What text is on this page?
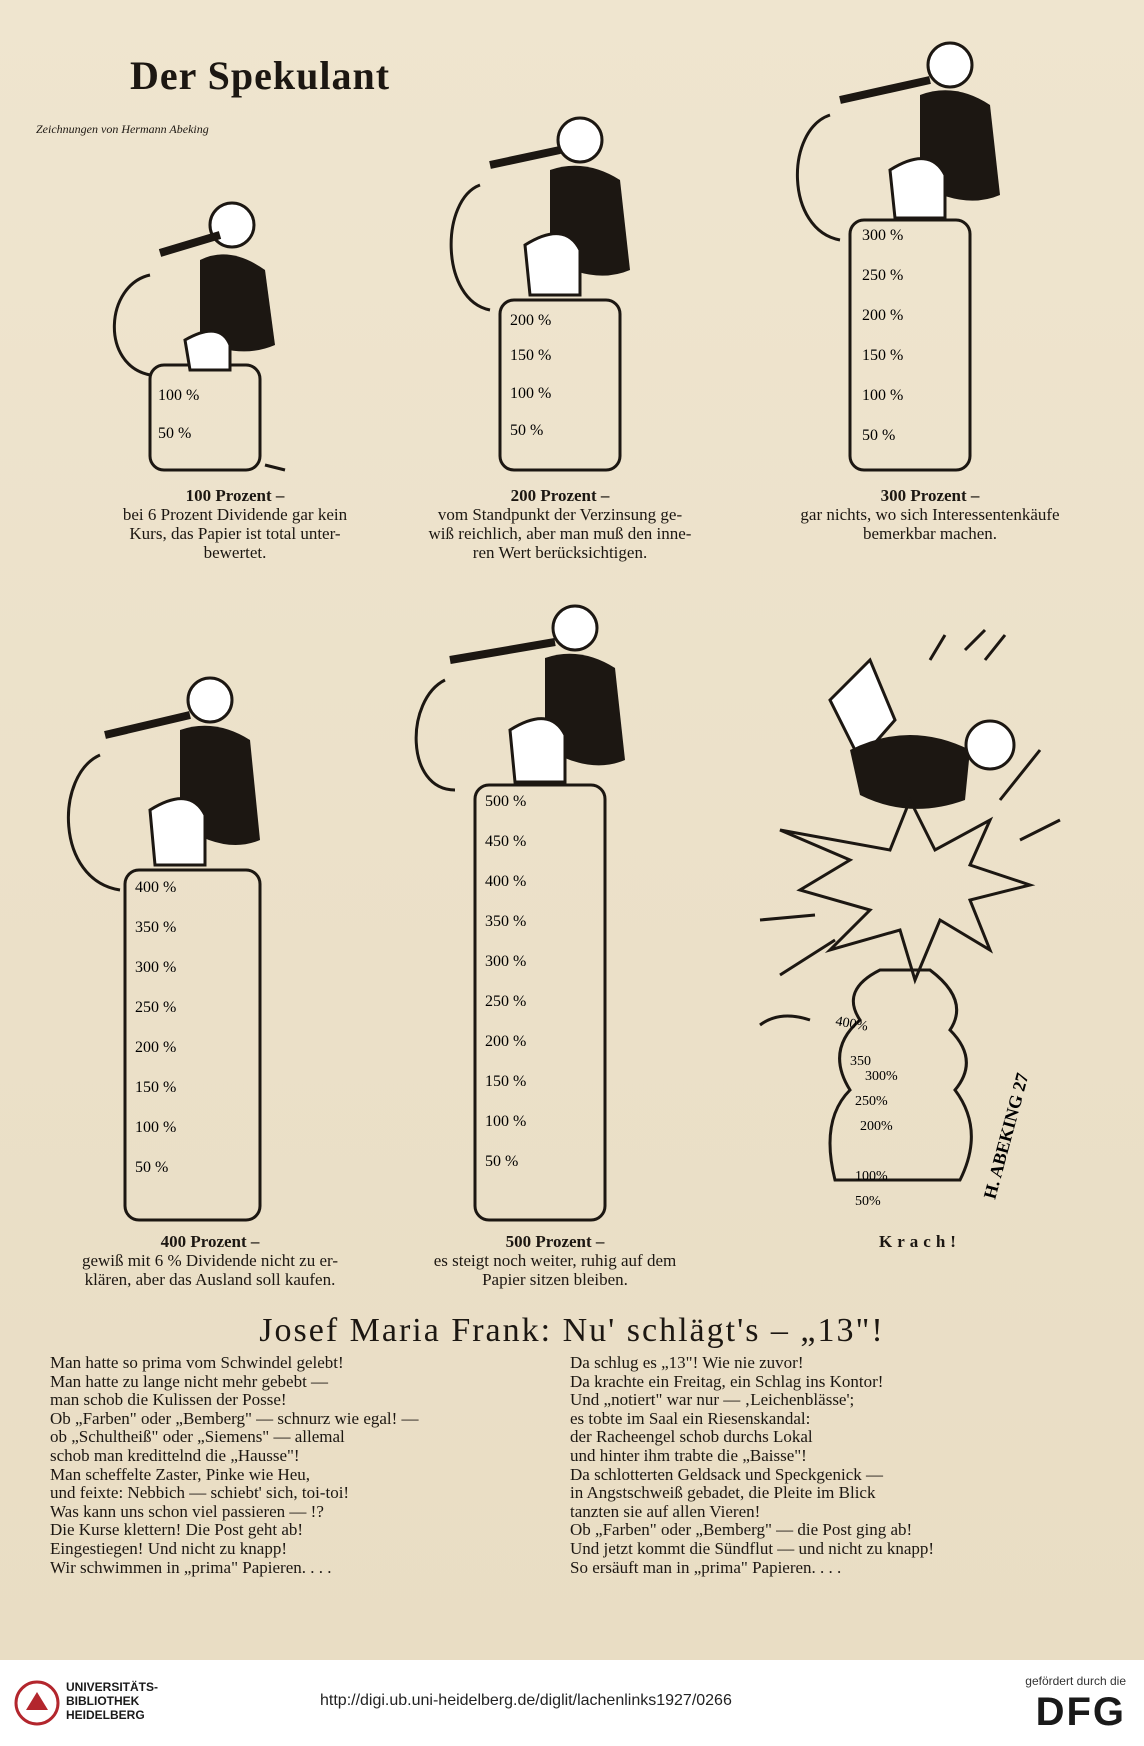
Der Spekulant
Zeichnungen von Hermann Abeking
100 %
50 %
200 %
150 %
100 %
50 %
300 %
250 %
200 %
150 %
100 %
50 %
400 %
350 %
300 %
250 %
200 %
150 %
100 %
50 %
500 %
450 %
400 %
350 %
300 %
250 %
200 %
150 %
100 %
50 %
400%
350
300%
250%
200%
100%
50%
H. ABEKING 27
100 Prozent –
bei 6 Prozent Dividende gar kein
Kurs, das Papier ist total unter-
bewertet.
200 Prozent –
vom Standpunkt der Verzinsung ge-
wiß reichlich, aber man muß den inne-
ren Wert berücksichtigen.
300 Prozent –
gar nichts, wo sich Interessentenkäufe
bemerkbar machen.
400 Prozent –
gewiß mit 6 % Dividende nicht zu er-
klären, aber das Ausland soll kaufen.
500 Prozent –
es steigt noch weiter, ruhig auf dem
Papier sitzen bleiben.
Krach!
Josef Maria Frank: Nu' schlägt's – „13"!
Man hatte so prima vom Schwindel gelebt!
Man hatte zu lange nicht mehr gebebt —
man schob die Kulissen der Posse!
Ob „Farben" oder „Bemberg" — schnurz wie egal! —
ob „Schultheiß" oder „Siemens" — allemal
schob man kredittelnd die „Hausse"!
Man scheffelte Zaster, Pinke wie Heu,
und feixte: Nebbich — schiebt' sich, toi-toi!
Was kann uns schon viel passieren — !?
Die Kurse klettern! Die Post geht ab!
Eingestiegen! Und nicht zu knapp!
Wir schwimmen in „prima" Papieren. . . .
Da schlug es „13"! Wie nie zuvor!
Da krachte ein Freitag, ein Schlag ins Kontor!
Und „notiert" war nur — ‚Leichenblässe';
es tobte im Saal ein Riesenskandal:
der Racheengel schob durchs Lokal
und hinter ihm trabte die „Baisse"!
Da schlotterten Geldsack und Speckgenick —
in Angstschweiß gebadet, die Pleite im Blick
tanzten sie auf allen Vieren!
Ob „Farben" oder „Bemberg" — die Post ging ab!
Und jetzt kommt die Sündflut — und nicht zu knapp!
So ersäuft man in „prima" Papieren. . . .
UNIVERSITÄTS-
BIBLIOTHEK
HEIDELBERG
http://digi.ub.uni-heidelberg.de/diglit/lachenlinks1927/0266
gefördert durch die
DFG
